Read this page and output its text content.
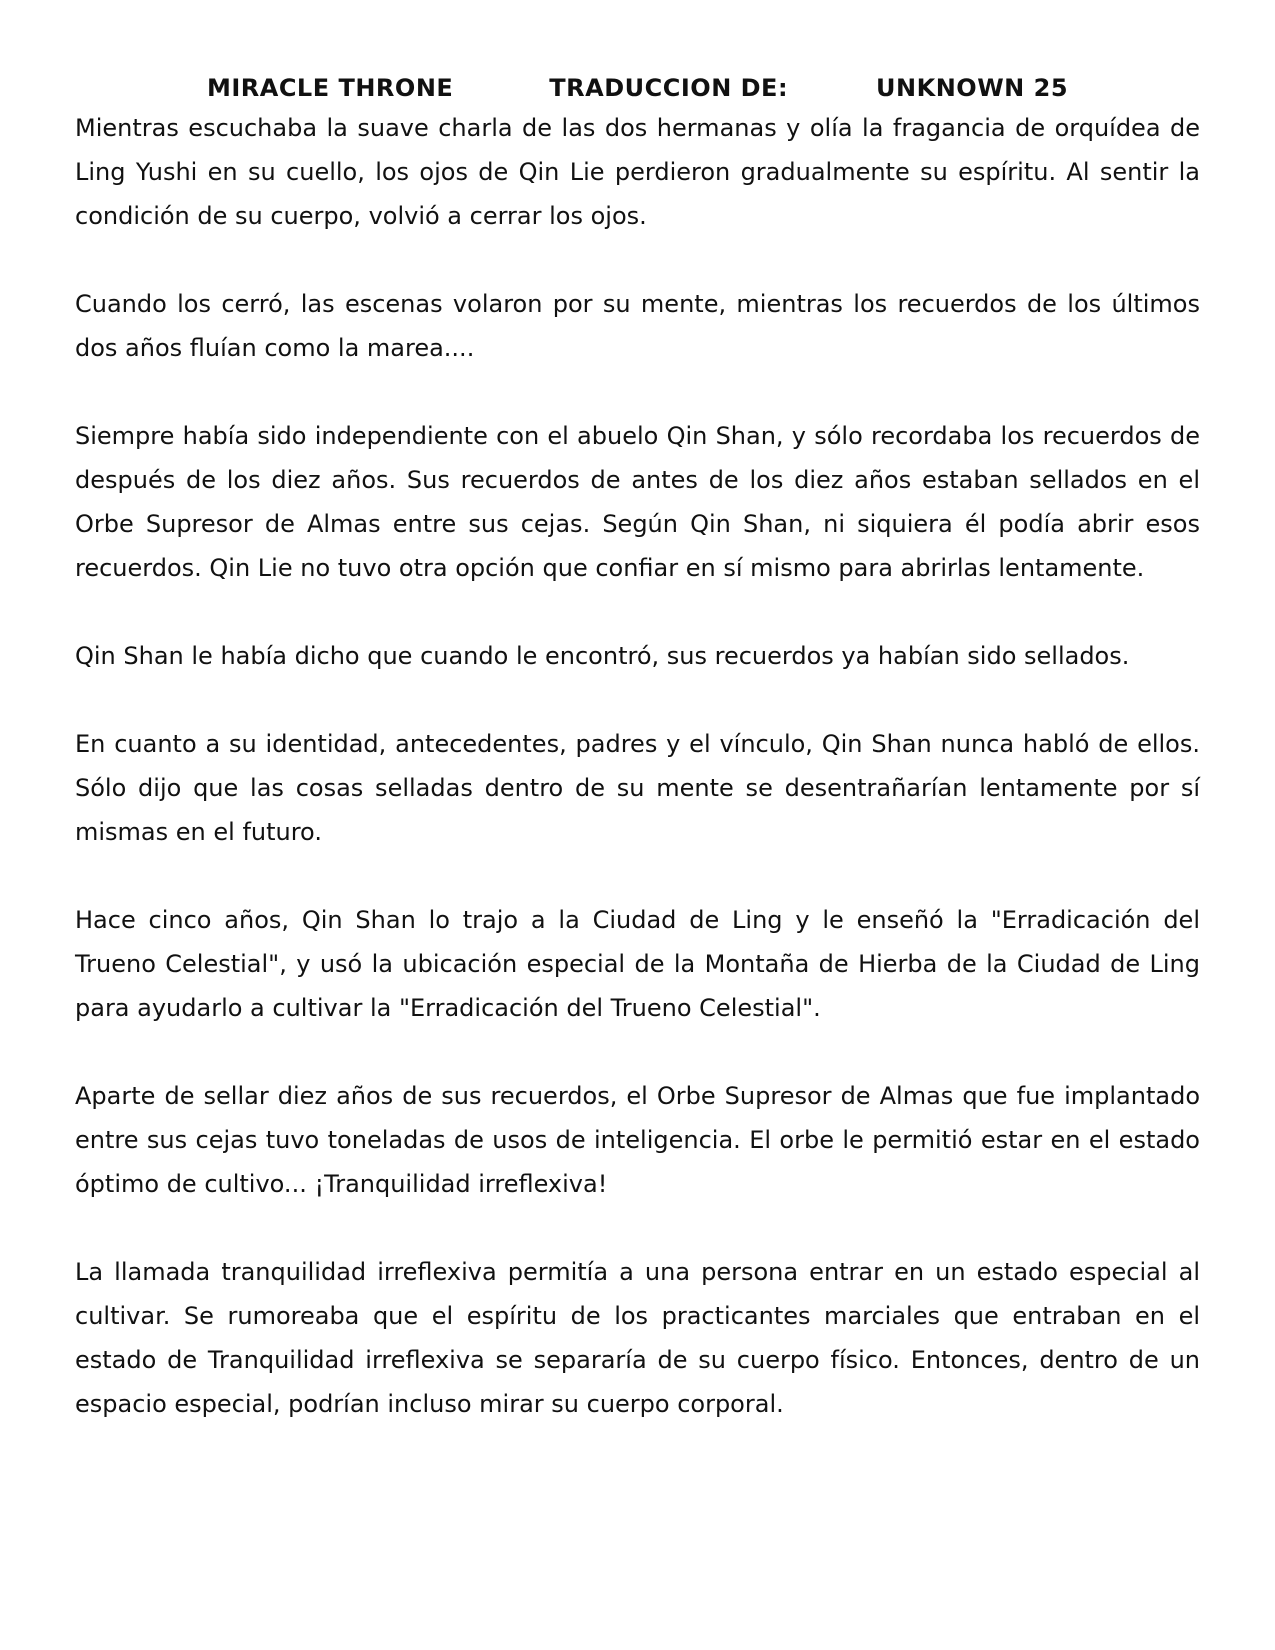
MIRACLE THRONE	TRADUCCION DE:	UNKNOWN 25

Mientras escuchaba la suave charla de las dos hermanas y olía la fragancia de orquídea de Ling Yushi en su cuello, los ojos de Qin Lie perdieron gradualmente su espíritu. Al sentir la condición de su cuerpo, volvió a cerrar los ojos.

Cuando los cerró, las escenas volaron por su mente, mientras los recuerdos de los últimos dos años fluían como la marea....

Siempre había sido independiente con el abuelo Qin Shan, y sólo recordaba los recuerdos de después de los diez años. Sus recuerdos de antes de los diez años estaban sellados en el Orbe Supresor de Almas entre sus cejas. Según Qin Shan, ni siquiera él podía abrir esos recuerdos. Qin Lie no tuvo otra opción que confiar en sí mismo para abrirlas lentamente.

Qin Shan le había dicho que cuando le encontró, sus recuerdos ya habían sido sellados.

En cuanto a su identidad, antecedentes, padres y el vínculo, Qin Shan nunca habló de ellos. Sólo dijo que las cosas selladas dentro de su mente se desentrañarían lentamente por sí mismas en el futuro.

Hace cinco años, Qin Shan lo trajo a la Ciudad de Ling y le enseñó la "Erradicación del Trueno Celestial", y usó la ubicación especial de la Montaña de Hierba de la Ciudad de Ling para ayudarlo a cultivar la "Erradicación del Trueno Celestial".

Aparte de sellar diez años de sus recuerdos, el Orbe Supresor de Almas que fue implantado entre sus cejas tuvo toneladas de usos de inteligencia. El orbe le permitió estar en el estado óptimo de cultivo... ¡Tranquilidad irreflexiva!

La llamada tranquilidad irreflexiva permitía a una persona entrar en un estado especial al cultivar. Se rumoreaba que el espíritu de los practicantes marciales que entraban en el estado de Tranquilidad irreflexiva se separaría de su cuerpo físico. Entonces, dentro de un espacio especial, podrían incluso mirar su cuerpo corporal.
